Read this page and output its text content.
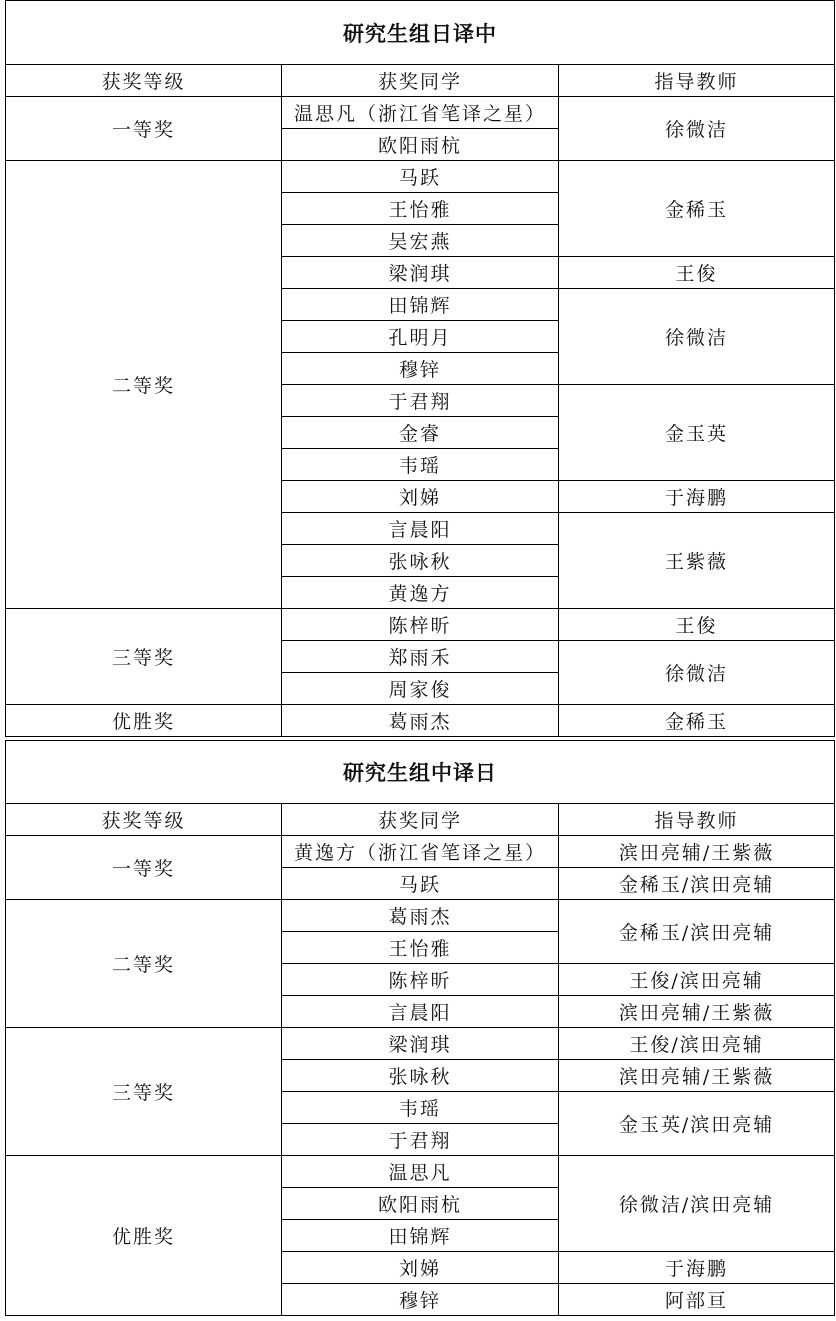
研究生组日译中		
获奖等级	获奖同学	指导教师
一等奖	温思凡（浙江省笔译之星）	徐微洁
	欧阳雨杭	
二等奖	马跃	金稀玉
	王怡雅	
	吴宏燕	
	梁润琪	王俊
	田锦辉	徐微洁
	孔明月	
	穆锌	
	于君翔	金玉英
	金睿	
	韦瑶	
	刘娣	于海鹏
	言晨阳	王紫薇
	张咏秋	
	黄逸方	
三等奖	陈梓昕	王俊
	郑雨禾	徐微洁
	周家俊	
优胜奖	葛雨杰	金稀玉
研究生组中译日		
获奖等级	获奖同学	指导教师
一等奖	黄逸方（浙江省笔译之星）	滨田亮辅/王紫薇
	马跃	金稀玉/滨田亮辅
二等奖	葛雨杰	金稀玉/滨田亮辅
	王怡雅	
	陈梓昕	王俊/滨田亮辅
	言晨阳	滨田亮辅/王紫薇
三等奖	梁润琪	王俊/滨田亮辅
	张咏秋	滨田亮辅/王紫薇
	韦瑶	金玉英/滨田亮辅
	于君翔	
优胜奖	温思凡	徐微洁/滨田亮辅
	欧阳雨杭	
	田锦辉	
	刘娣	于海鹏
	穆锌	阿部亘
